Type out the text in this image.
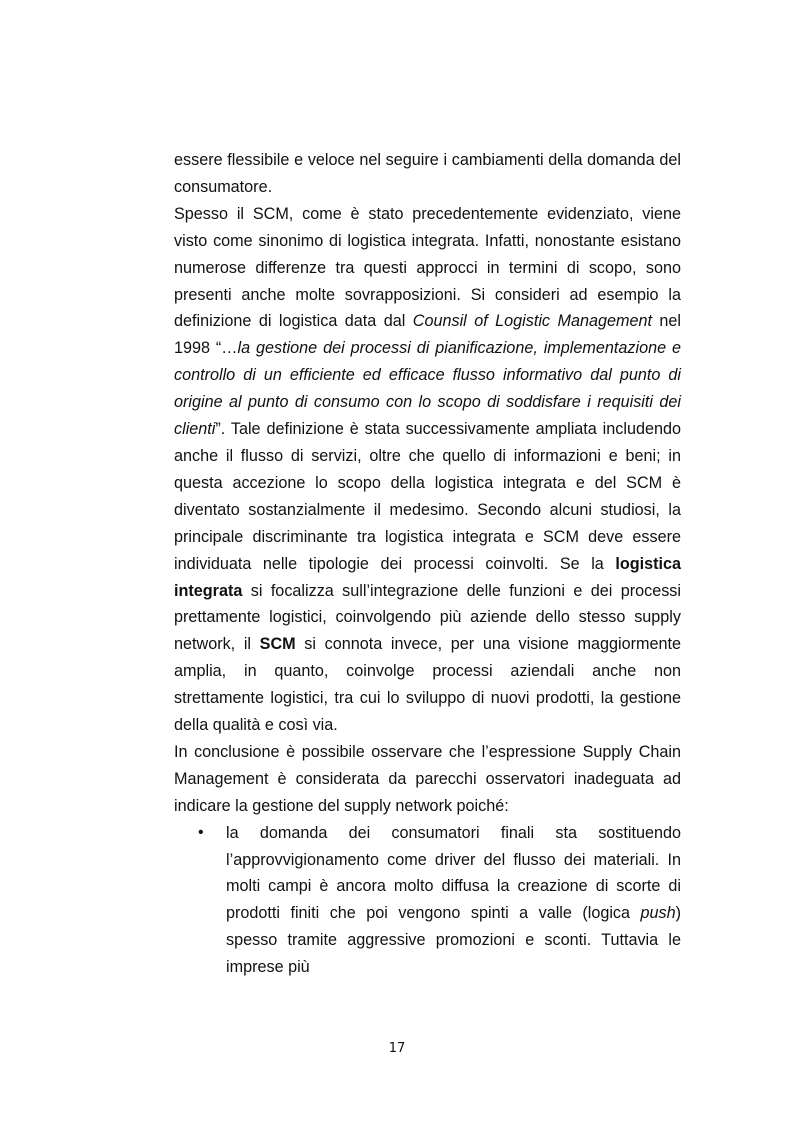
essere flessibile e veloce nel seguire i cambiamenti della domanda del consumatore.

Spesso il SCM, come è stato precedentemente evidenziato, viene visto come sinonimo di logistica integrata. Infatti, nonostante esistano numerose differenze tra questi approcci in termini di scopo, sono presenti anche molte sovrapposizioni. Si consideri ad esempio la definizione di logistica data dal Counsil of Logistic Management nel 1998 “…la gestione dei processi di pianificazione, implementazione e controllo di un efficiente ed efficace flusso informativo dal punto di origine al punto di consumo con lo scopo di soddisfare i requisiti dei clienti”. Tale definizione è stata successivamente ampliata includendo anche il flusso di servizi, oltre che quello di informazioni e beni; in questa accezione lo scopo della logistica integrata e del SCM è diventato sostanzialmente il medesimo. Secondo alcuni studiosi, la principale discriminante tra logistica integrata e SCM deve essere individuata nelle tipologie dei processi coinvolti. Se la logistica integrata si focalizza sull’integrazione delle funzioni e dei processi prettamente logistici, coinvolgendo più aziende dello stesso supply network, il SCM si connota invece, per una visione maggiormente amplia, in quanto, coinvolge processi aziendali anche non strettamente logistici, tra cui lo sviluppo di nuovi prodotti, la gestione della qualità e così via.

In conclusione è possibile osservare che l’espressione Supply Chain Management è considerata da parecchi osservatori inadeguata ad indicare la gestione del supply network poiché:

• la domanda dei consumatori finali sta sostituendo l’approvvigionamento come driver del flusso dei materiali. In molti campi è ancora molto diffusa la creazione di scorte di prodotti finiti che poi vengono spinti a valle (logica push) spesso tramite aggressive promozioni e sconti. Tuttavia le imprese più
17
